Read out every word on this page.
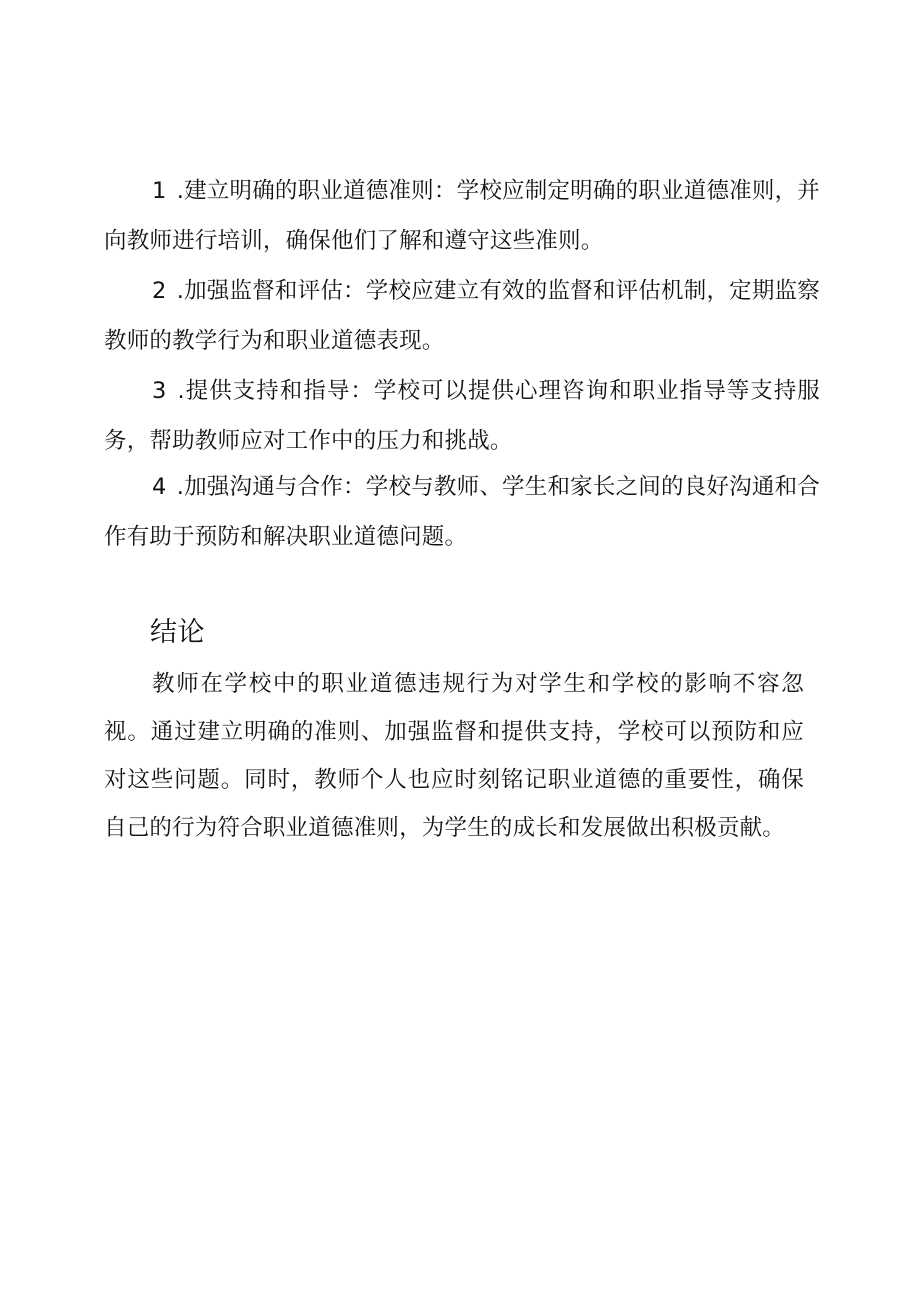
1 .建立明确的职业道德准则：学校应制定明确的职业道德准则，并向教师进行培训，确保他们了解和遵守这些准则。

2 .加强监督和评估：学校应建立有效的监督和评估机制，定期监察教师的教学行为和职业道德表现。

3 .提供支持和指导：学校可以提供心理咨询和职业指导等支持服务，帮助教师应对工作中的压力和挑战。

4 .加强沟通与合作：学校与教师、学生和家长之间的良好沟通和合作有助于预防和解决职业道德问题。

结论

教师在学校中的职业道德违规行为对学生和学校的影响不容忽视。通过建立明确的准则、加强监督和提供支持，学校可以预防和应对这些问题。同时，教师个人也应时刻铭记职业道德的重要性，确保自己的行为符合职业道德准则，为学生的成长和发展做出积极贡献。
